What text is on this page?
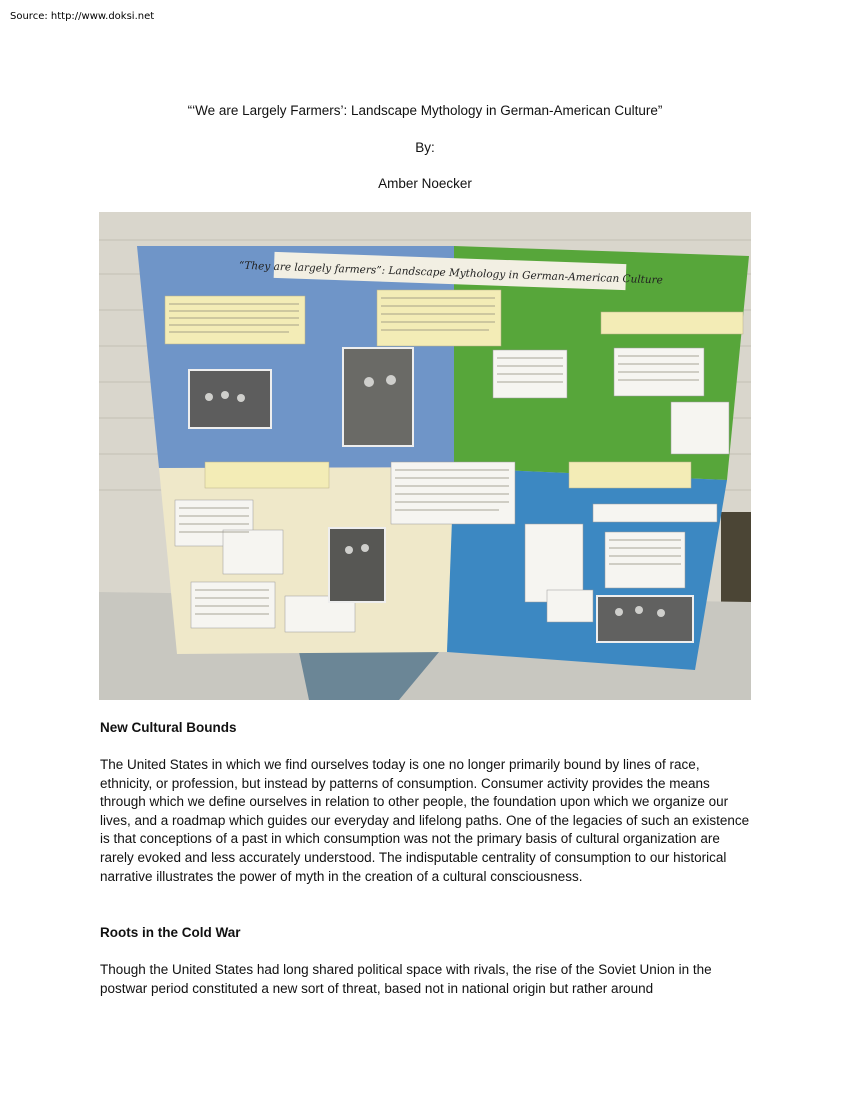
Source: http://www.doksi.net
“‘We are Largely Farmers’: Landscape Mythology in German-American Culture”
By:
Amber Noecker
“They are largely farmers”: Landscape Mythology in German-American Culture
New Cultural Bounds

The United States in which we find ourselves today is one no longer primarily bound by lines of race, ethnicity, or profession, but instead by patterns of consumption. Consumer activity provides the means through which we define ourselves in relation to other people, the foundation upon which we organize our lives, and a roadmap which guides our everyday and lifelong paths. One of the legacies of such an existence is that conceptions of a past in which consumption was not the primary basis of cultural organization are rarely evoked and less accurately understood. The indisputable centrality of consumption to our historical narrative illustrates the power of myth in the creation of a cultural consciousness.

Roots in the Cold War

Though the United States had long shared political space with rivals, the rise of the Soviet Union in the postwar period constituted a new sort of threat, based not in national origin but rather around
